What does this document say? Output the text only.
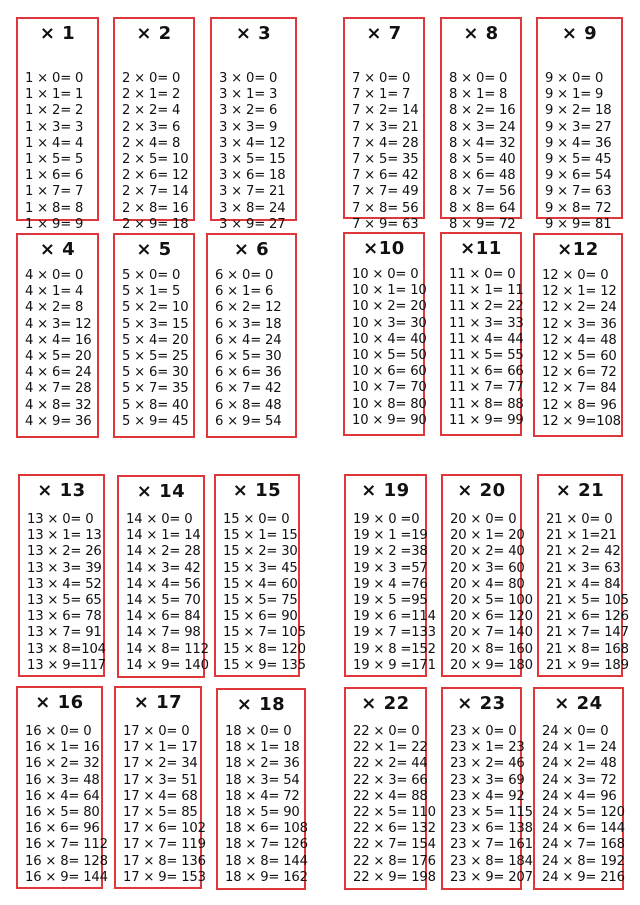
× 1
1 × 0= 0
1 × 1= 1
1 × 2= 2
1 × 3= 3
1 × 4= 4
1 × 5= 5
1 × 6= 6
1 × 7= 7
1 × 8= 8
1 × 9= 9
× 2
2 × 0= 0
2 × 1= 2
2 × 2= 4
2 × 3= 6
2 × 4= 8
2 × 5= 10
2 × 6= 12
2 × 7= 14
2 × 8= 16
2 × 9= 18
× 3
3 × 0= 0
3 × 1= 3
3 × 2= 6
3 × 3= 9
3 × 4= 12
3 × 5= 15
3 × 6= 18
3 × 7= 21
3 × 8= 24
3 × 9= 27
× 7
7 × 0= 0
7 × 1= 7
7 × 2= 14
7 × 3= 21
7 × 4= 28
7 × 5= 35
7 × 6= 42
7 × 7= 49
7 × 8= 56
7 × 9= 63
× 8
8 × 0= 0
8 × 1= 8
8 × 2= 16
8 × 3= 24
8 × 4= 32
8 × 5= 40
8 × 6= 48
8 × 7= 56
8 × 8= 64
8 × 9= 72
× 9
9 × 0= 0
9 × 1= 9
9 × 2= 18
9 × 3= 27
9 × 4= 36
9 × 5= 45
9 × 6= 54
9 × 7= 63
9 × 8= 72
9 × 9= 81
× 4
4 × 0= 0
4 × 1= 4
4 × 2= 8
4 × 3= 12
4 × 4= 16
4 × 5= 20
4 × 6= 24
4 × 7= 28
4 × 8= 32
4 × 9= 36
× 5
5 × 0= 0
5 × 1= 5
5 × 2= 10
5 × 3= 15
5 × 4= 20
5 × 5= 25
5 × 6= 30
5 × 7= 35
5 × 8= 40
5 × 9= 45
× 6
6 × 0= 0
6 × 1= 6
6 × 2= 12
6 × 3= 18
6 × 4= 24
6 × 5= 30
6 × 6= 36
6 × 7= 42
6 × 8= 48
6 × 9= 54
×10
10 × 0= 0
10 × 1= 10
10 × 2= 20
10 × 3= 30
10 × 4= 40
10 × 5= 50
10 × 6= 60
10 × 7= 70
10 × 8= 80
10 × 9= 90
×11
11 × 0= 0
11 × 1= 11
11 × 2= 22
11 × 3= 33
11 × 4= 44
11 × 5= 55
11 × 6= 66
11 × 7= 77
11 × 8= 88
11 × 9= 99
×12
12 × 0= 0
12 × 1= 12
12 × 2= 24
12 × 3= 36
12 × 4= 48
12 × 5= 60
12 × 6= 72
12 × 7= 84
12 × 8= 96
12 × 9=108
× 13
13 × 0= 0
13 × 1= 13
13 × 2= 26
13 × 3= 39
13 × 4= 52
13 × 5= 65
13 × 6= 78
13 × 7= 91
13 × 8=104
13 × 9=117
× 14
14 × 0= 0
14 × 1= 14
14 × 2= 28
14 × 3= 42
14 × 4= 56
14 × 5= 70
14 × 6= 84
14 × 7= 98
14 × 8= 112
14 × 9= 140
× 15
15 × 0= 0
15 × 1= 15
15 × 2= 30
15 × 3= 45
15 × 4= 60
15 × 5= 75
15 × 6= 90
15 × 7= 105
15 × 8= 120
15 × 9= 135
× 19
19 × 0 =0
19 × 1 =19
19 × 2 =38
19 × 3 =57
19 × 4 =76
19 × 5 =95
19 × 6 =114
19 × 7 =133
19 × 8 =152
19 × 9 =171
× 20
20 × 0= 0
20 × 1= 20
20 × 2= 40
20 × 3= 60
20 × 4= 80
20 × 5= 100
20 × 6= 120
20 × 7= 140
20 × 8= 160
20 × 9= 180
× 21
21 × 0= 0
21 × 1=21
21 × 2= 42
21 × 3= 63
21 × 4= 84
21 × 5= 105
21 × 6= 126
21 × 7= 147
21 × 8= 168
21 × 9= 189
× 16
16 × 0= 0
16 × 1= 16
16 × 2= 32
16 × 3= 48
16 × 4= 64
16 × 5= 80
16 × 6= 96
16 × 7= 112
16 × 8= 128
16 × 9= 144
× 17
17 × 0= 0
17 × 1= 17
17 × 2= 34
17 × 3= 51
17 × 4= 68
17 × 5= 85
17 × 6= 102
17 × 7= 119
17 × 8= 136
17 × 9= 153
× 18
18 × 0= 0
18 × 1= 18
18 × 2= 36
18 × 3= 54
18 × 4= 72
18 × 5= 90
18 × 6= 108
18 × 7= 126
18 × 8= 144
18 × 9= 162
× 22
22 × 0= 0
22 × 1= 22
22 × 2= 44
22 × 3= 66
22 × 4= 88
22 × 5= 110
22 × 6= 132
22 × 7= 154
22 × 8= 176
22 × 9= 198
× 23
23 × 0= 0
23 × 1= 23
23 × 2= 46
23 × 3= 69
23 × 4= 92
23 × 5= 115
23 × 6= 138
23 × 7= 161
23 × 8= 184
23 × 9= 207
× 24
24 × 0= 0
24 × 1= 24
24 × 2= 48
24 × 3= 72
24 × 4= 96
24 × 5= 120
24 × 6= 144
24 × 7= 168
24 × 8= 192
24 × 9= 216
